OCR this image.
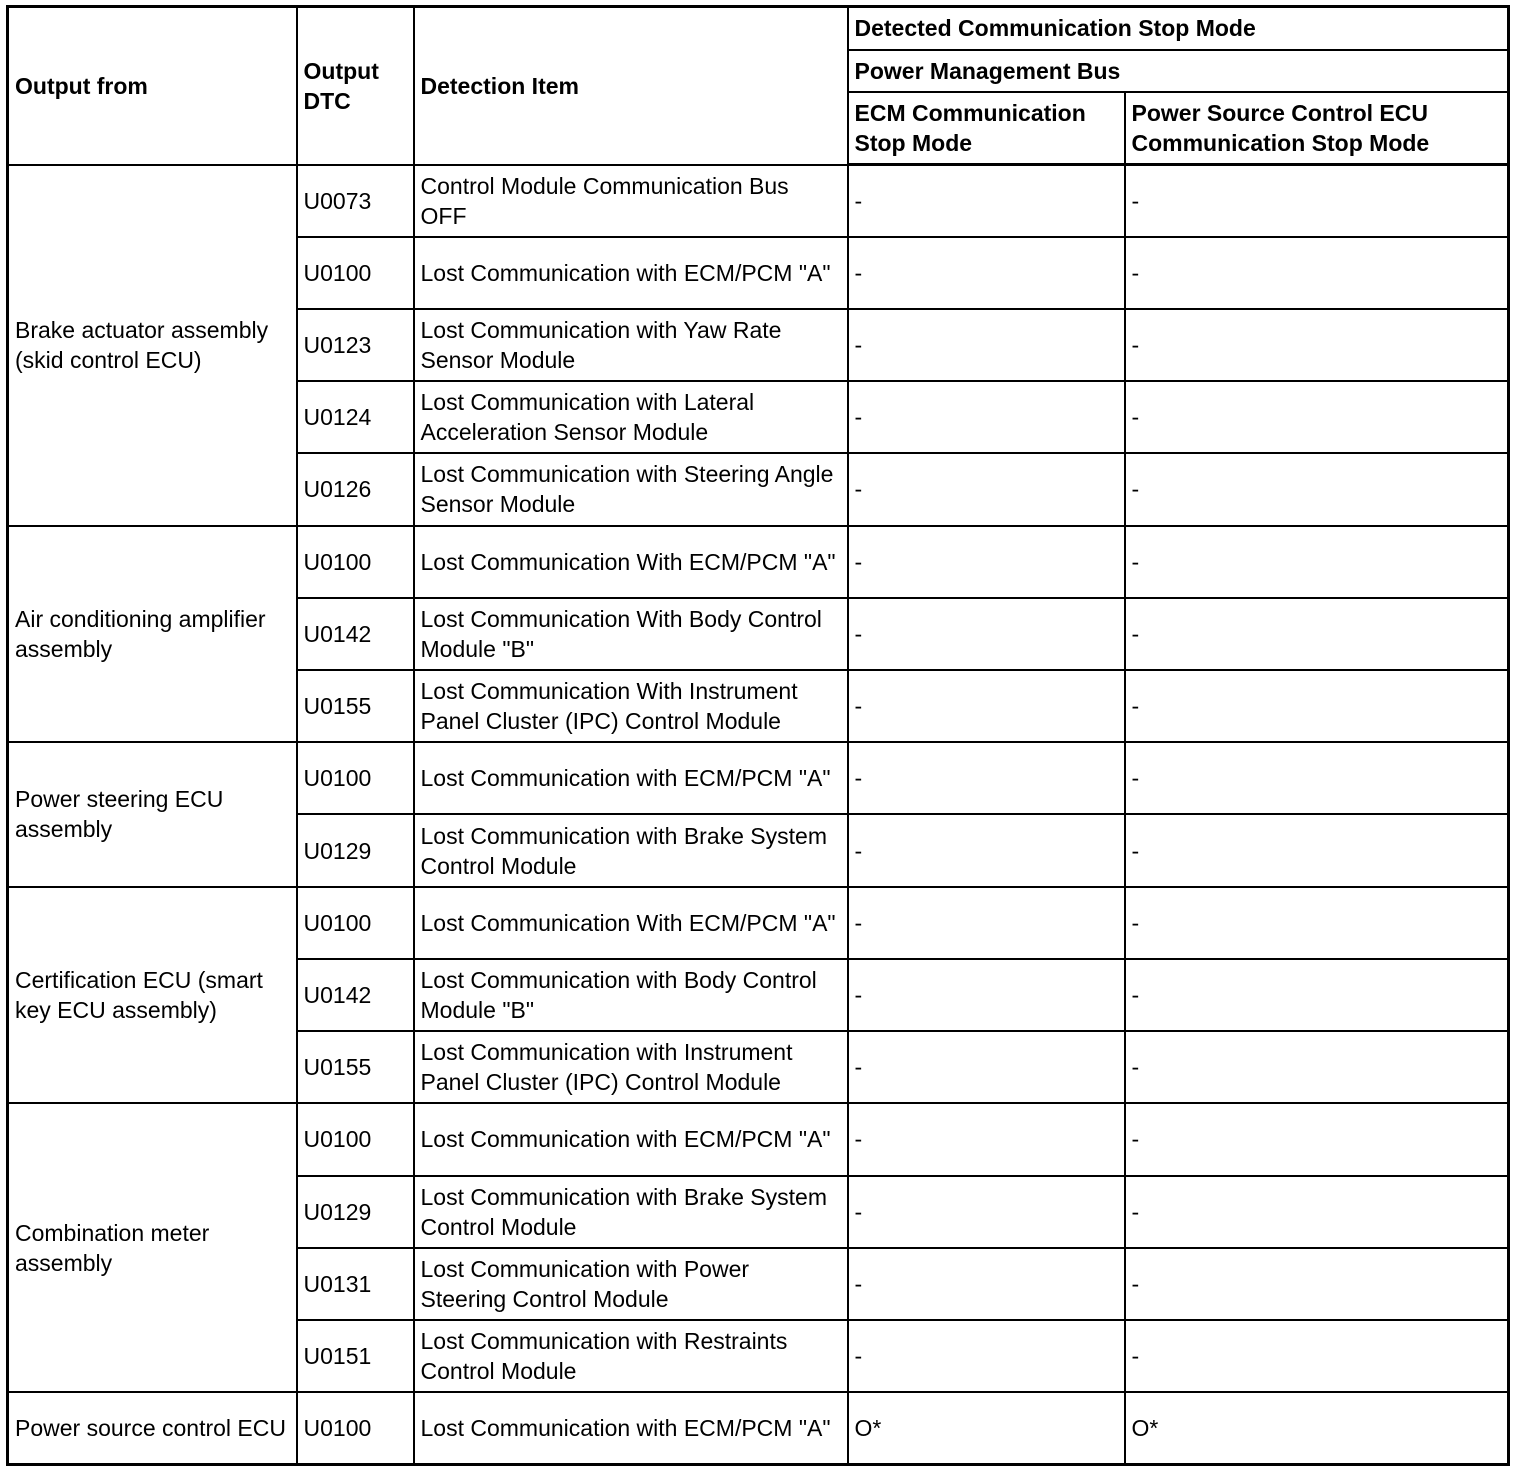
Output from	Output DTC	Detection Item	Detected Communication Stop Mode	
			Power Management Bus	
			ECM Communication Stop Mode	Power Source Control ECU Communication Stop Mode
Brake actuator assembly (skid control ECU)	U0073	Control Module Communication Bus OFF	-	-
	U0100	Lost Communication with ECM/PCM "A"	-	-
	U0123	Lost Communication with Yaw Rate Sensor Module	-	-
	U0124	Lost Communication with Lateral Acceleration Sensor Module	-	-
	U0126	Lost Communication with Steering Angle Sensor Module	-	-
Air conditioning amplifier assembly	U0100	Lost Communication With ECM/PCM "A"	-	-
	U0142	Lost Communication With Body Control Module "B"	-	-
	U0155	Lost Communication With Instrument Panel Cluster (IPC) Control Module	-	-
Power steering ECU assembly	U0100	Lost Communication with ECM/PCM "A"	-	-
	U0129	Lost Communication with Brake System Control Module	-	-
Certification ECU (smart key ECU assembly)	U0100	Lost Communication With ECM/PCM "A"	-	-
	U0142	Lost Communication with Body Control Module "B"	-	-
	U0155	Lost Communication with Instrument Panel Cluster (IPC) Control Module	-	-
Combination meter assembly	U0100	Lost Communication with ECM/PCM "A"	-	-
	U0129	Lost Communication with Brake System Control Module	-	-
	U0131	Lost Communication with Power Steering Control Module	-	-
	U0151	Lost Communication with Restraints Control Module	-	-
Power source control ECU	U0100	Lost Communication with ECM/PCM "A"	O*	O*
